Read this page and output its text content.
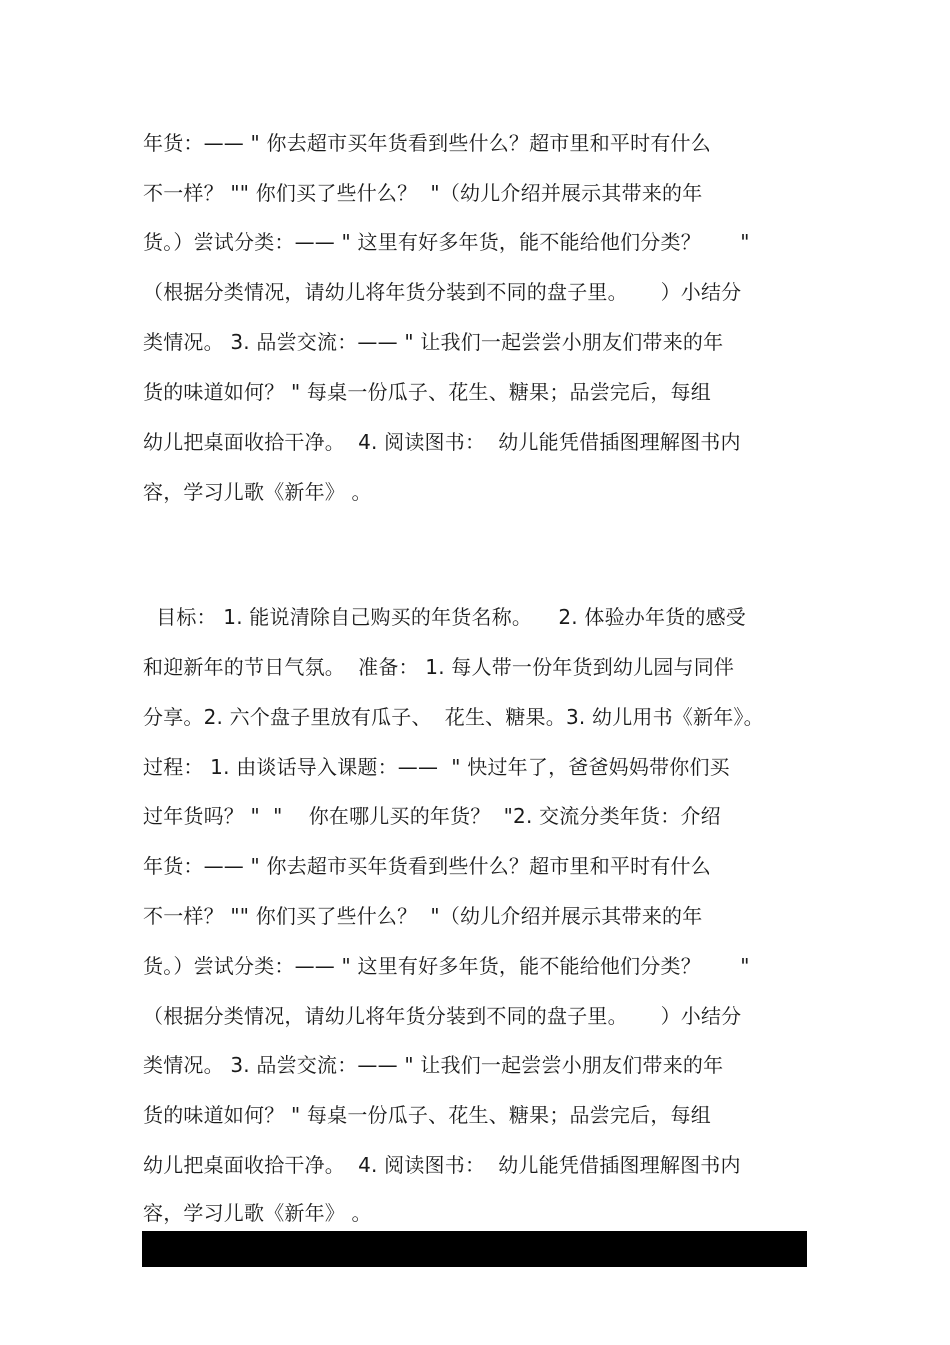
年货：—— " 你去超市买年货看到些什么？超市里和平时有什么
不一样？ "" 你们买了些什么？  "（幼儿介绍并展示其带来的年
货。）尝试分类：—— " 这里有好多年货，能不能给他们分类？      "
（根据分类情况，请幼儿将年货分装到不同的盘子里。     ）小结分
类情况。 3. 品尝交流：—— " 让我们一起尝尝小朋友们带来的年
货的味道如何？ " 每桌一份瓜子、花生、糖果；品尝完后，每组
幼儿把桌面收拾干净。  4. 阅读图书：  幼儿能凭借插图理解图书内
容，学习儿歌《新年》 。
目标： 1. 能说清除自己购买的年货名称。    2. 体验办年货的感受
和迎新年的节日气氛。  准备： 1. 每人带一份年货到幼儿园与同伴
分享。2. 六个盘子里放有瓜子、  花生、糖果。3. 幼儿用书《新年》。
过程： 1. 由谈话导入课题：——  " 快过年了，爸爸妈妈带你们买
过年货吗？ "  "    你在哪儿买的年货？  "2. 交流分类年货：介绍
年货：—— " 你去超市买年货看到些什么？超市里和平时有什么
不一样？ "" 你们买了些什么？  "（幼儿介绍并展示其带来的年
货。）尝试分类：—— " 这里有好多年货，能不能给他们分类？      "
（根据分类情况，请幼儿将年货分装到不同的盘子里。     ）小结分
类情况。 3. 品尝交流：—— " 让我们一起尝尝小朋友们带来的年
货的味道如何？ " 每桌一份瓜子、花生、糖果；品尝完后，每组
幼儿把桌面收拾干净。  4. 阅读图书：  幼儿能凭借插图理解图书内
容，学习儿歌《新年》 。
